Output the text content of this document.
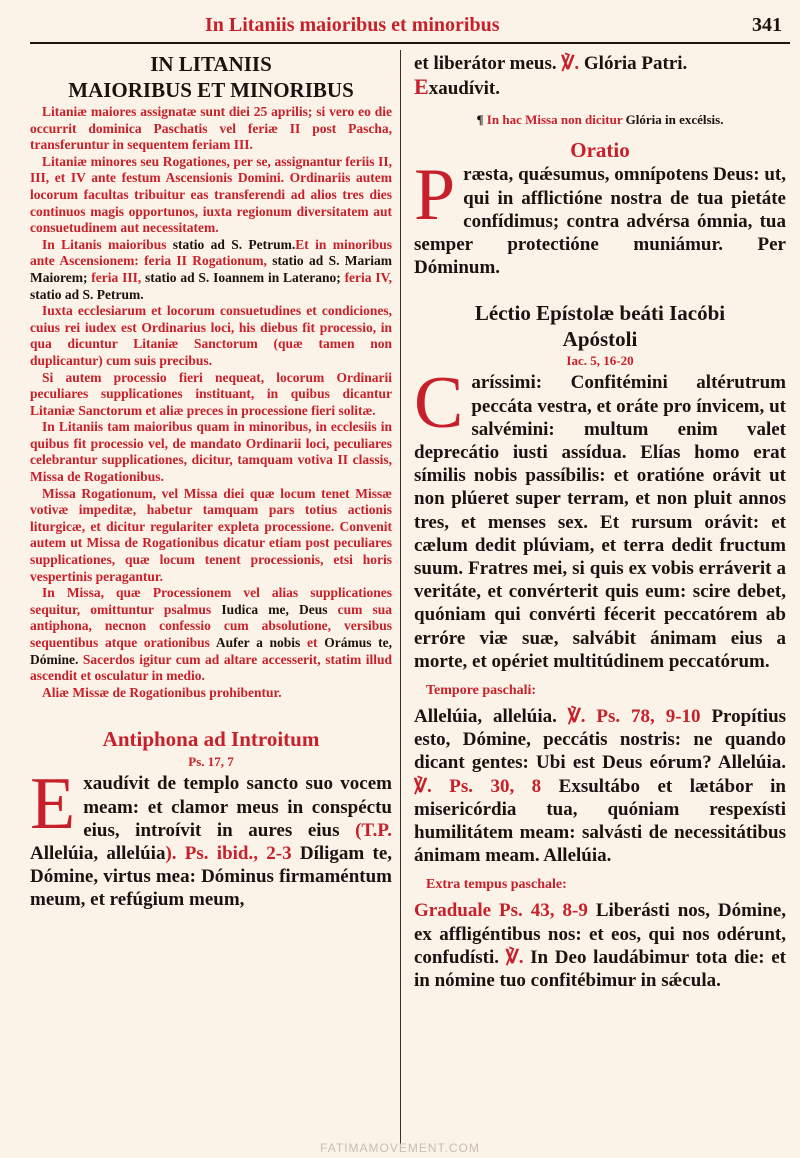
In Litaniis maioribus et minoribus	341
IN LITANIIS
MAIORIBUS ET MINORIBUS

Litaniæ maiores assignatæ sunt diei 25 aprilis; si vero eo die occurrit dominica Paschatis vel feriæ II post Pascha, transferuntur in sequentem feriam III.

Litaniæ minores seu Rogationes, per se, assignantur feriis II, III, et IV ante festum Ascensionis Domini. Ordinariis autem locorum facultas tribuitur eas transferendi ad alios tres dies continuos magis opportunos, iuxta regionum diversitatem aut consuetudinem aut necessitatem.

In Litanis maioribus statio ad S. Petrum.Et in minoribus ante Ascensionem: feria II Rogationum, statio ad S. Mariam Maiorem; feria III, statio ad S. Ioannem in Laterano; feria IV, statio ad S. Petrum.

Iuxta ecclesiarum et locorum consuetudines et condiciones, cuius rei iudex est Ordinarius loci, his diebus fit processio, in qua dicuntur Litaniæ Sanctorum (quæ tamen non duplicantur) cum suis precibus.

Si autem processio fieri nequeat, locorum Ordinarii peculiares supplicationes instituant, in quibus dicantur Litaniæ Sanctorum et aliæ preces in processione fieri solitæ.

In Litaniis tam maioribus quam in minoribus, in ecclesiis in quibus fit processio vel, de mandato Ordinarii loci, peculiares celebrantur supplicationes, dicitur, tamquam votiva II classis, Missa de Rogationibus.

Missa Rogationum, vel Missa diei quæ locum tenet Missæ votivæ impeditæ, habetur tamquam pars totius actionis liturgicæ, et dicitur regulariter expleta processione. Convenit autem ut Missa de Rogationibus dicatur etiam post peculiares supplicationes, quæ locum tenent processionis, etsi horis vespertinis peragantur.

In Missa, quæ Processionem vel alias supplicationes sequitur, omittuntur psalmus Iudica me, Deus cum sua antiphona, necnon confessio cum absolutione, versibus sequentibus atque orationibus Aufer a nobis et Orámus te, Dómine. Sacerdos igitur cum ad altare accesserit, statim illud ascendit et osculatur in medio.

Aliæ Missæ de Rogationibus prohibentur.

Antiphona ad Introitum
Ps. 17, 7

Exaudívit de templo sancto suo vocem meam: et clamor meus in conspéctu eius, introívit in aures eius (T.P. Allelúia, allelúia). Ps. ibid., 2-3 Díligam te, Dómine, virtus mea: Dóminus firmaméntum meum, et refúgium meum,

et liberátor meus. ℣. Glória Patri.
Exaudívit.

¶ In hac Missa non dicitur Glória in excélsis.
Oratio

Præsta, quǽsumus, omnípotens Deus: ut, qui in afflictióne nostra de tua pietáte confídimus; contra advérsa ómnia, tua semper protectióne muniámur. Per Dóminum.

Léctio Epístolæ beáti Iacóbi
Apóstoli
Iac. 5, 16-20

Caríssimi: Confitémini altérutrum peccáta vestra, et oráte pro ínvicem, ut salvémini: multum enim valet deprecátio iusti assídua. Elías homo erat símilis nobis passíbilis: et oratióne orávit ut non plúeret super terram, et non pluit annos tres, et menses sex. Et rursum orávit: et cælum dedit plúviam, et terra dedit fructum suum. Fratres mei, si quis ex vobis erráverit a veritáte, et convérterit quis eum: scire debet, quóniam qui convérti fécerit peccatórem ab erróre viæ suæ, salvábit ánimam eius a morte, et opériet multitúdinem peccatórum.

Tempore paschali:

Allelúia, allelúia. ℣. Ps. 78, 9-10 Propítius esto, Dómine, peccátis nostris: ne quando dicant gentes: Ubi est Deus eórum? Allelúia. ℣. Ps. 30, 8 Exsultábo et lætábor in misericórdia tua, quóniam respexísti humilitátem meam: salvásti de necessitátibus ánimam meam. Allelúia.

Extra tempus paschale:

Graduale Ps. 43, 8-9 Liberásti nos, Dómine, ex affligéntibus nos: et eos, qui nos odérunt, confudísti. ℣. In Deo laudábimur tota die: et in nómine tuo confitébimur in sǽcula.

FATIMAMOVEMENT.COM
